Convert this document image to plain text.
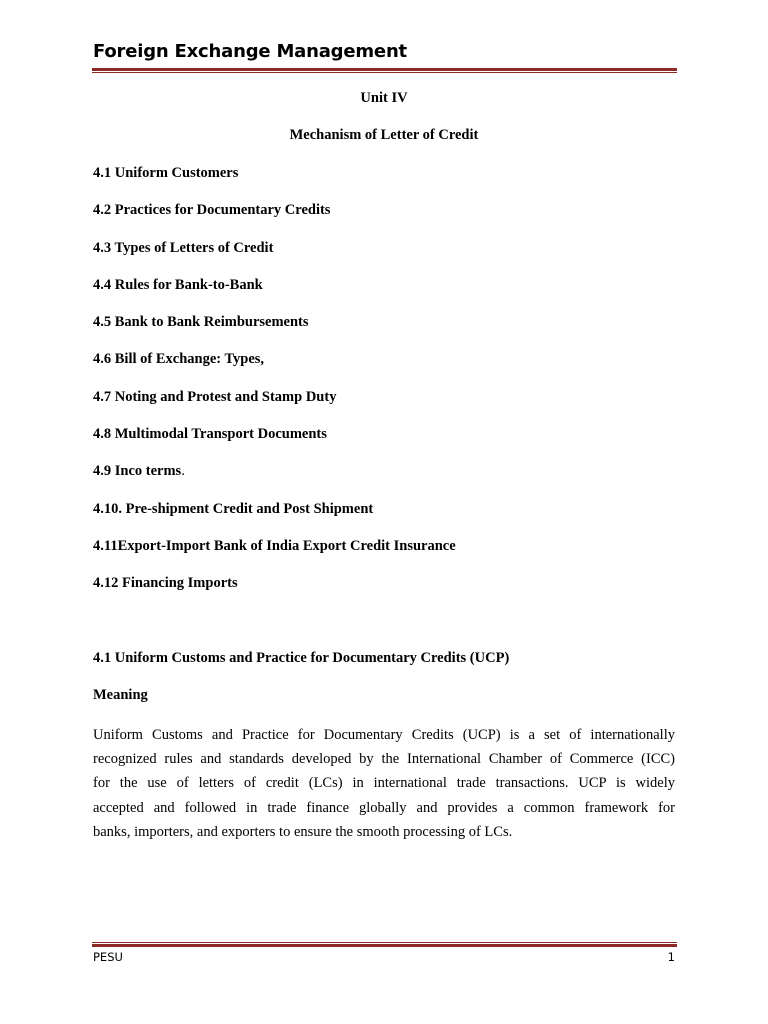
Foreign Exchange Management
Unit IV
Mechanism of Letter of Credit
4.1 Uniform Customers
4.2 Practices for Documentary Credits
4.3 Types of Letters of Credit
4.4 Rules for Bank-to-Bank
4.5 Bank to Bank Reimbursements
4.6 Bill of Exchange: Types,
4.7 Noting and Protest and Stamp Duty
4.8 Multimodal Transport Documents
4.9 Inco terms.
4.10. Pre-shipment Credit and Post Shipment
4.11Export-Import Bank of India Export Credit Insurance
4.12 Financing Imports
4.1 Uniform Customs and Practice for Documentary Credits (UCP)
Meaning
Uniform Customs and Practice for Documentary Credits (UCP) is a set of internationally
recognized rules and standards developed by the International Chamber of Commerce (ICC)
for the use of letters of credit (LCs) in international trade transactions. UCP is widely
accepted and followed in trade finance globally and provides a common framework for
banks, importers, and exporters to ensure the smooth processing of LCs.
PESU	1
